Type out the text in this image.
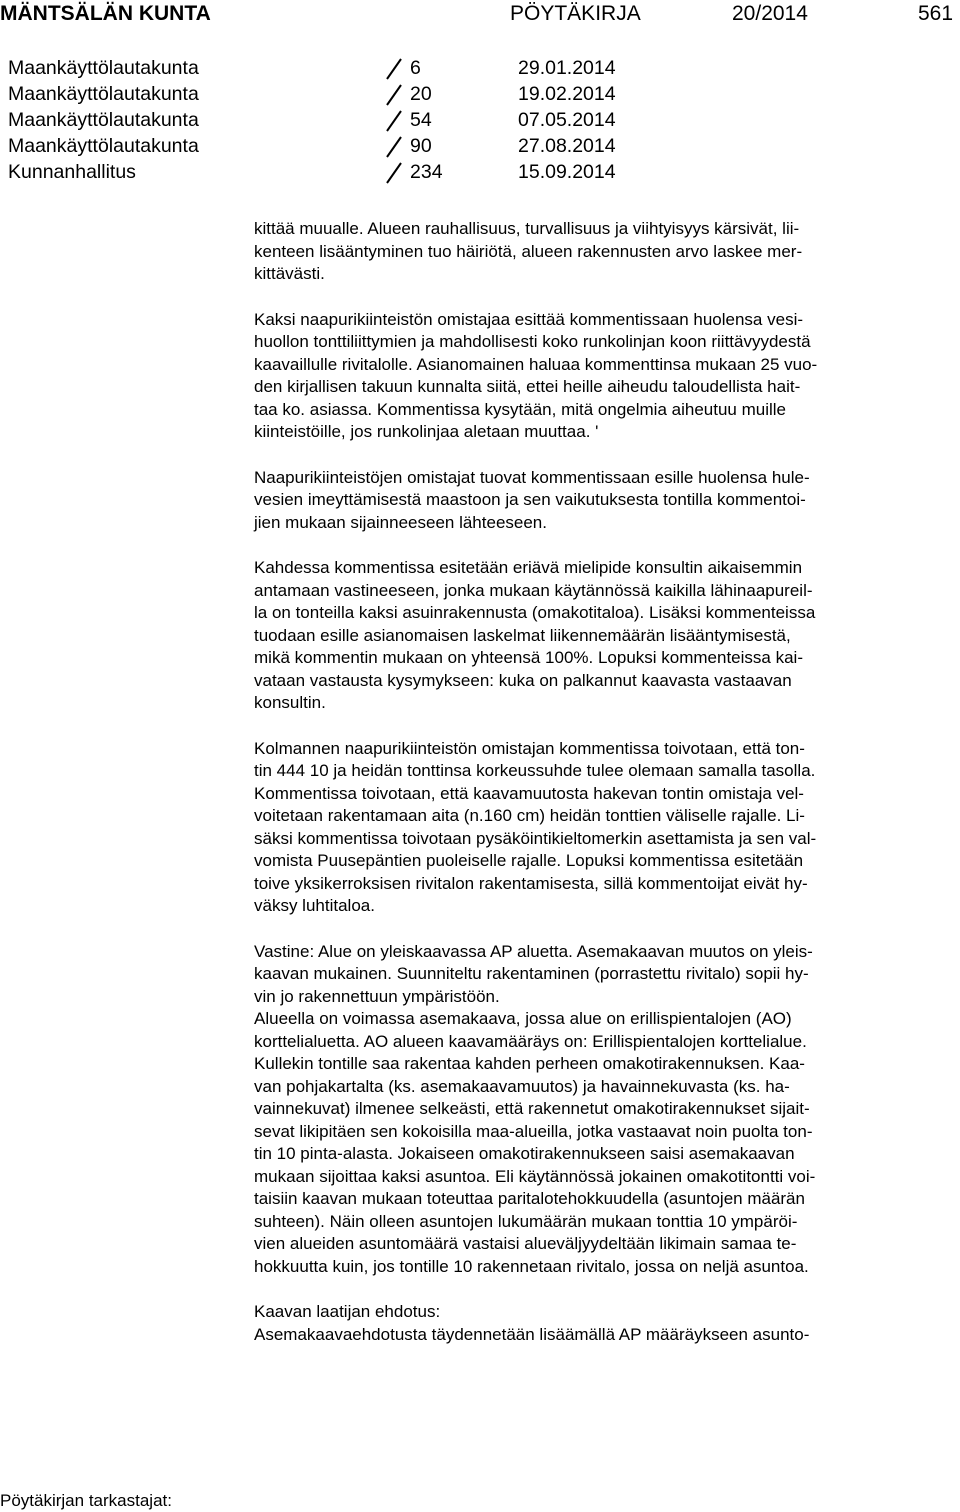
MÄNTSÄLÄN KUNTA	PÖYTÄKIRJA	20/2014	561
Maankäyttölautakunta	6	29.01.2014
Maankäyttölautakunta	20	19.02.2014
Maankäyttölautakunta	54	07.05.2014
Maankäyttölautakunta	90	27.08.2014
Kunnanhallitus	234	15.09.2014

kittää muualle. Alueen rauhallisuus, turvallisuus ja viihtyisyys kärsivät, lii-
kenteen lisääntyminen tuo häiriötä, alueen rakennusten arvo laskee mer-
kittävästi.

Kaksi naapurikiinteistön omistajaa esittää kommentissaan huolensa vesi-
huollon tonttiliittymien ja mahdollisesti koko runkolinjan koon riittävyydestä
kaavaillulle rivitalolle. Asianomainen haluaa kommenttinsa mukaan 25 vuo-
den kirjallisen takuun kunnalta siitä, ettei heille aiheudu taloudellista hait-
taa ko. asiassa. Kommentissa kysytään, mitä ongelmia aiheutuu muille
kiinteistöille, jos runkolinjaa aletaan muuttaa. '

Naapurikiinteistöjen omistajat tuovat kommentissaan esille huolensa hule-
vesien imeyttämisestä maastoon ja sen vaikutuksesta tontilla kommentoi-
jien mukaan sijainneeseen lähteeseen.

Kahdessa kommentissa esitetään eriävä mielipide konsultin aikaisemmin
antamaan vastineeseen, jonka mukaan käytännössä kaikilla lähinaapureil-
la on tonteilla kaksi asuinrakennusta (omakotitaloa). Lisäksi kommenteissa
tuodaan esille asianomaisen laskelmat liikennemäärän lisääntymisestä,
mikä kommentin mukaan on yhteensä 100%. Lopuksi kommenteissa kai-
vataan vastausta kysymykseen: kuka on palkannut kaavasta vastaavan
konsultin.

Kolmannen naapurikiinteistön omistajan kommentissa toivotaan, että ton-
tin 444 10 ja heidän tonttinsa korkeussuhde tulee olemaan samalla tasolla.
Kommentissa toivotaan, että kaavamuutosta hakevan tontin omistaja vel-
voitetaan rakentamaan aita (n.160 cm) heidän tonttien väliselle rajalle. Li-
säksi kommentissa toivotaan pysäköintikieltomerkin asettamista ja sen val-
vomista Puusepäntien puoleiselle rajalle. Lopuksi kommentissa esitetään
toive yksikerroksisen rivitalon rakentamisesta, sillä kommentoijat eivät hy-
väksy luhtitaloa.

Vastine: Alue on yleiskaavassa AP aluetta. Asemakaavan muutos on yleis-
kaavan mukainen. Suunniteltu rakentaminen (porrastettu rivitalo) sopii hy-
vin jo rakennettuun ympäristöön.

Alueella on voimassa asemakaava, jossa alue on erillispientalojen (AO)
korttelialuetta. AO alueen kaavamääräys on: Erillispientalojen korttelialue.
Kullekin tontille saa rakentaa kahden perheen omakotirakennuksen. Kaa-
van pohjakartalta (ks. asemakaavamuutos) ja havainnekuvasta (ks. ha-
vainnekuvat) ilmenee selkeästi, että rakennetut omakotirakennukset sijait-
sevat likipitäen sen kokoisilla maa-alueilla, jotka vastaavat noin puolta ton-
tin 10 pinta-alasta. Jokaiseen omakotirakennukseen saisi asemakaavan
mukaan sijoittaa kaksi asuntoa. Eli käytännössä jokainen omakotitontti voi-
taisiin kaavan mukaan toteuttaa paritalotehokkuudella (asuntojen määrän
suhteen). Näin olleen asuntojen lukumäärän mukaan tonttia 10 ympäröi-
vien alueiden asuntomäärä vastaisi alueväljyydeltään likimain samaa te-
hokkuutta kuin, jos tontille 10 rakennetaan rivitalo, jossa on neljä asuntoa.

Kaavan laatijan ehdotus:
Asemakaavaehdotusta täydennetään lisäämällä AP määräykseen asunto-

Pöytäkirjan tarkastajat:
